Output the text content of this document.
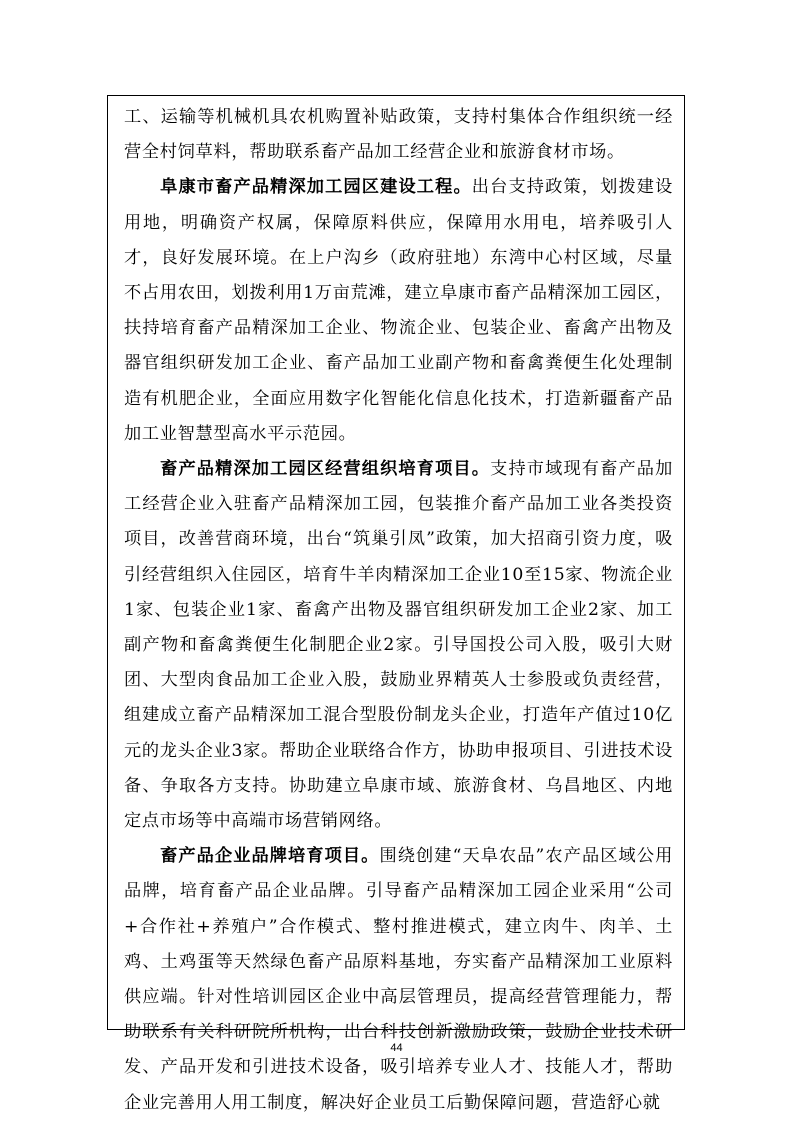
工、运输等机械机具农机购置补贴政策，支持村集体合作组织统一经营全村饲草料，帮助联系畜产品加工经营企业和旅游食材市场。

阜康市畜产品精深加工园区建设工程。出台支持政策，划拨建设用地，明确资产权属，保障原料供应，保障用水用电，培养吸引人才，良好发展环境。在上户沟乡（政府驻地）东湾中心村区域，尽量不占用农田，划拨利用1万亩荒滩，建立阜康市畜产品精深加工园区，扶持培育畜产品精深加工企业、物流企业、包装企业、畜禽产出物及器官组织研发加工企业、畜产品加工业副产物和畜禽粪便生化处理制造有机肥企业，全面应用数字化智能化信息化技术，打造新疆畜产品加工业智慧型高水平示范园。

畜产品精深加工园区经营组织培育项目。支持市域现有畜产品加工经营企业入驻畜产品精深加工园，包装推介畜产品加工业各类投资项目，改善营商环境，出台“筑巢引凤”政策，加大招商引资力度，吸引经营组织入住园区，培育牛羊肉精深加工企业10至15家、物流企业1家、包装企业1家、畜禽产出物及器官组织研发加工企业2家、加工副产物和畜禽粪便生化制肥企业2家。引导国投公司入股，吸引大财团、大型肉食品加工企业入股，鼓励业界精英人士参股或负责经营，组建成立畜产品精深加工混合型股份制龙头企业，打造年产值过10亿元的龙头企业3家。帮助企业联络合作方，协助申报项目、引进技术设备、争取各方支持。协助建立阜康市域、旅游食材、乌昌地区、内地定点市场等中高端市场营销网络。

畜产品企业品牌培育项目。围绕创建“天阜农品”农产品区域公用品牌，培育畜产品企业品牌。引导畜产品精深加工园企业采用“公司+合作社+养殖户”合作模式、整村推进模式，建立肉牛、肉羊、土鸡、土鸡蛋等天然绿色畜产品原料基地，夯实畜产品精深加工业原料供应端。针对性培训园区企业中高层管理员，提高经营管理能力，帮助联系有关科研院所机构，出台科技创新激励政策，鼓励企业技术研发、产品开发和引进技术设备，吸引培养专业人才、技能人才，帮助企业完善用人用工制度，解决好企业员工后勤保障问题，营造舒心就

44
